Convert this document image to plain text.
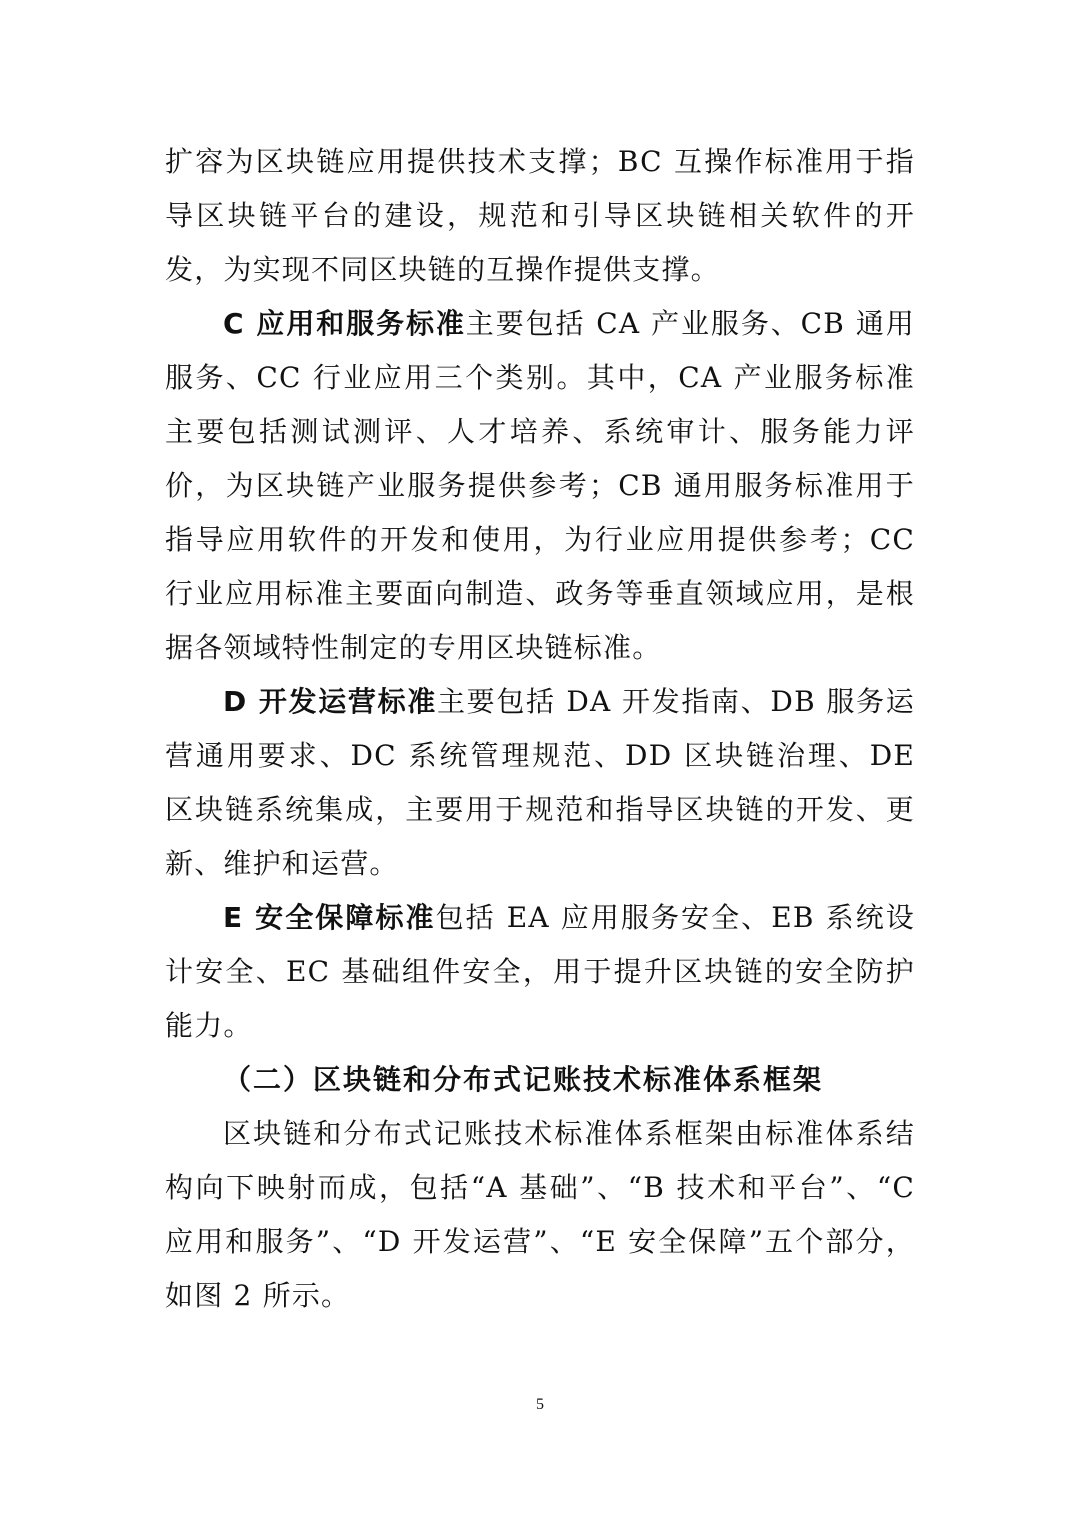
扩容为区块链应用提供技术支撑；BC 互操作标准用于指导区块链平台的建设，规范和引导区块链相关软件的开发，为实现不同区块链的互操作提供支撑。

C 应用和服务标准主要包括 CA 产业服务、CB 通用服务、CC 行业应用三个类别。其中，CA 产业服务标准主要包括测试测评、人才培养、系统审计、服务能力评价，为区块链产业服务提供参考；CB 通用服务标准用于指导应用软件的开发和使用，为行业应用提供参考；CC 行业应用标准主要面向制造、政务等垂直领域应用，是根据各领域特性制定的专用区块链标准。

D 开发运营标准主要包括 DA 开发指南、DB 服务运营通用要求、DC 系统管理规范、DD 区块链治理、DE 区块链系统集成，主要用于规范和指导区块链的开发、更新、维护和运营。

E 安全保障标准包括 EA 应用服务安全、EB 系统设计安全、EC 基础组件安全，用于提升区块链的安全防护能力。

（二）区块链和分布式记账技术标准体系框架

区块链和分布式记账技术标准体系框架由标准体系结构向下映射而成，包括“A 基础”、“B 技术和平台”、“C 应用和服务”、“D 开发运营”、“E 安全保障”五个部分，如图 2 所示。

5
